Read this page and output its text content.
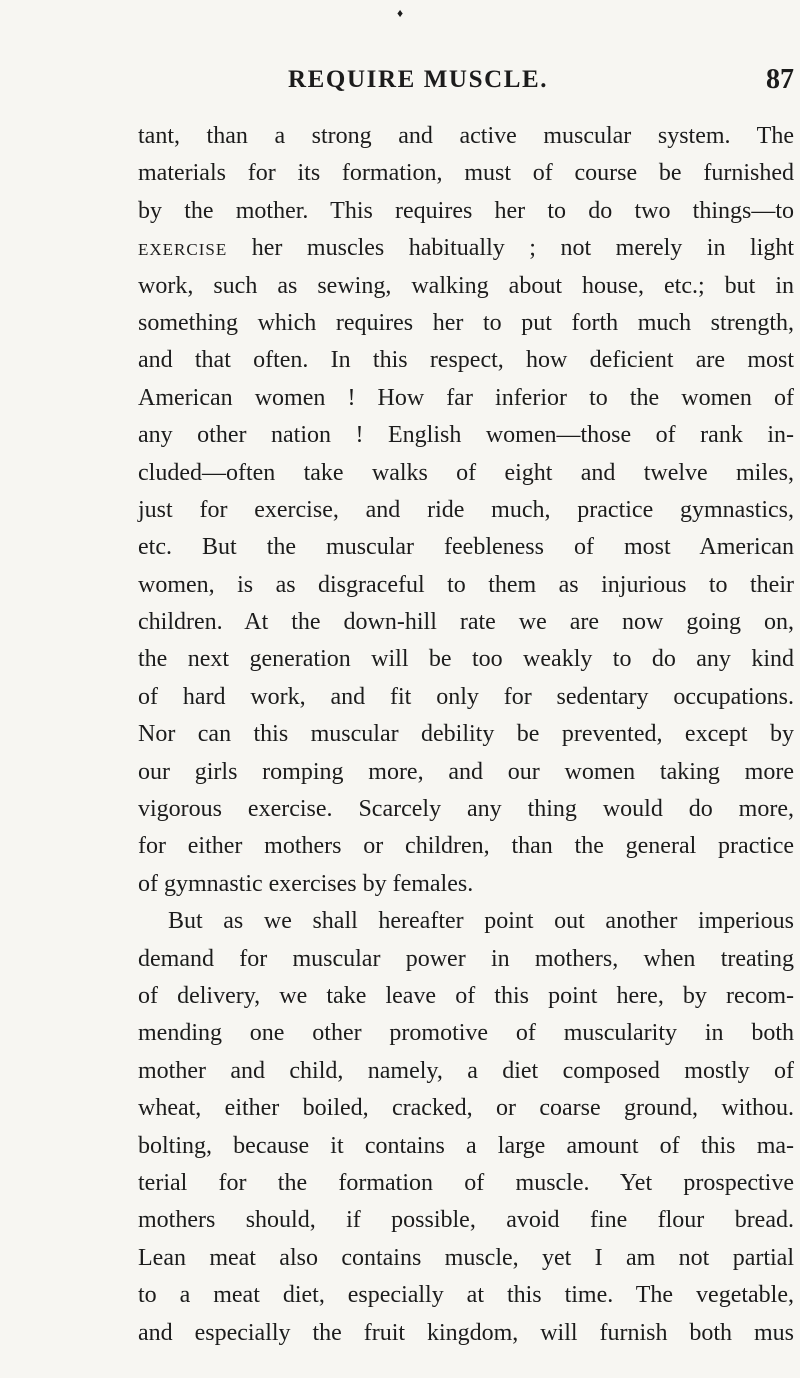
♦
REQUIRE MUSCLE.	87
tant, than a strong and active muscular system. The
materials for its formation, must of course be furnished
by the mother. This requires her to do two things—to
exercise her muscles habitually ; not merely in light
work, such as sewing, walking about house, etc.; but in
something which requires her to put forth much strength,
and that often. In this respect, how deficient are most
American women ! How far inferior to the women of
any other nation ! English women—those of rank in-
cluded—often take walks of eight and twelve miles,
just for exercise, and ride much, practice gymnastics,
etc. But the muscular feebleness of most American
women, is as disgraceful to them as injurious to their
children. At the down-hill rate we are now going on,
the next generation will be too weakly to do any kind
of hard work, and fit only for sedentary occupations.
Nor can this muscular debility be prevented, except by
our girls romping more, and our women taking more
vigorous exercise. Scarcely any thing would do more,
for either mothers or children, than the general practice
of gymnastic exercises by females.
But as we shall hereafter point out another imperious
demand for muscular power in mothers, when treating
of delivery, we take leave of this point here, by recom-
mending one other promotive of muscularity in both
mother and child, namely, a diet composed mostly of
wheat, either boiled, cracked, or coarse ground, withou.
bolting, because it contains a large amount of this ma-
terial for the formation of muscle. Yet prospective
mothers should, if possible, avoid fine flour bread.
Lean meat also contains muscle, yet I am not partial
to a meat diet, especially at this time. The vegetable,
and especially the fruit kingdom, will furnish both mus
